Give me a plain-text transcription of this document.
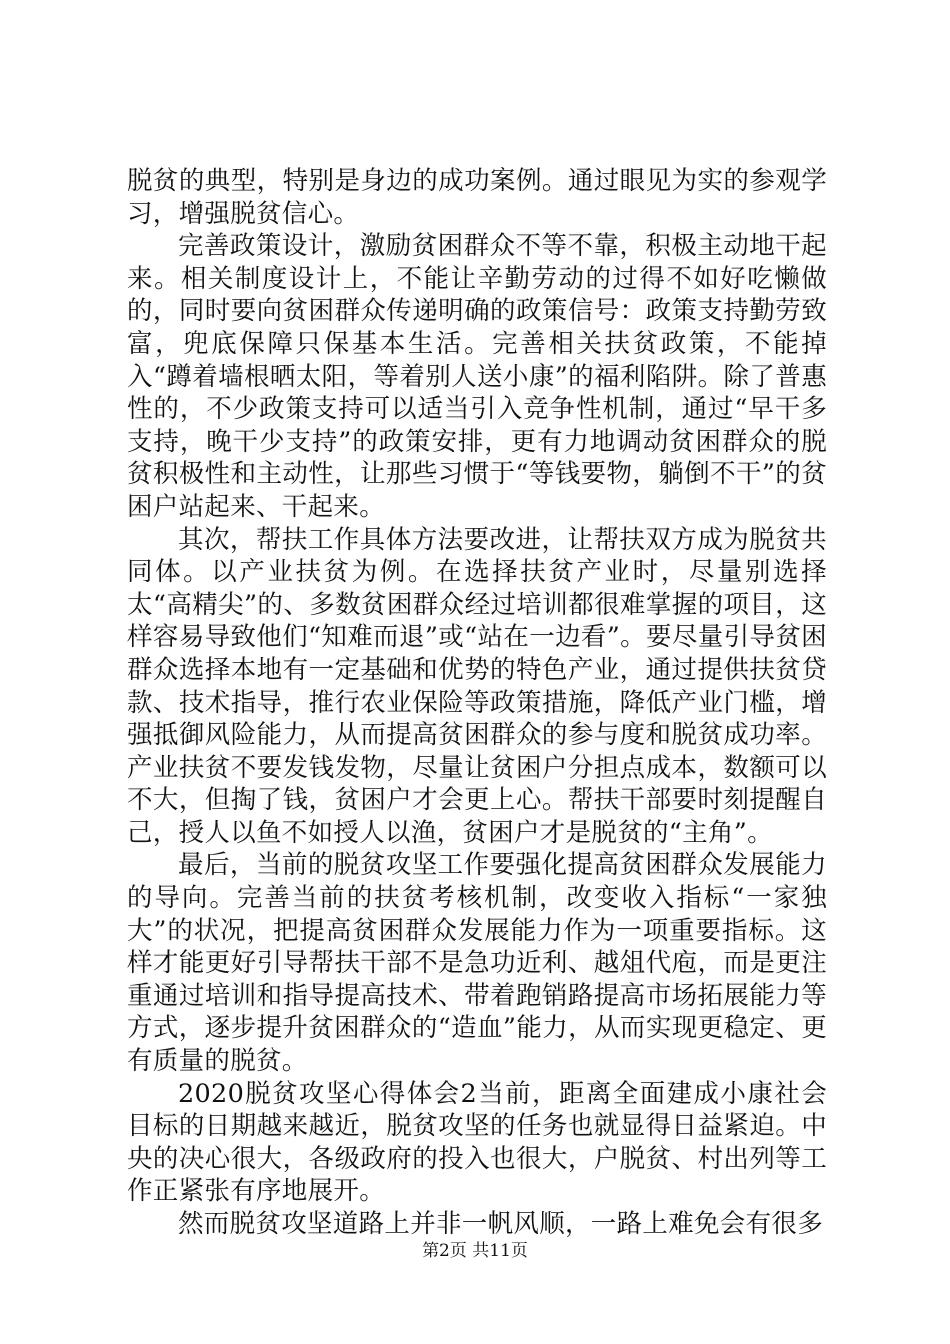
脱贫的典型，特别是身边的成功案例。通过眼见为实的参观学习，增强脱贫信心。

完善政策设计，激励贫困群众不等不靠，积极主动地干起来。相关制度设计上，不能让辛勤劳动的过得不如好吃懒做的，同时要向贫困群众传递明确的政策信号：政策支持勤劳致富，兜底保障只保基本生活。完善相关扶贫政策，不能掉入“蹲着墙根晒太阳，等着别人送小康”的福利陷阱。除了普惠性的，不少政策支持可以适当引入竞争性机制，通过“早干多支持，晚干少支持”的政策安排，更有力地调动贫困群众的脱贫积极性和主动性，让那些习惯于“等钱要物，躺倒不干”的贫困户站起来、干起来。

其次，帮扶工作具体方法要改进，让帮扶双方成为脱贫共同体。以产业扶贫为例。在选择扶贫产业时，尽量别选择太“高精尖”的、多数贫困群众经过培训都很难掌握的项目，这样容易导致他们“知难而退”或“站在一边看”。要尽量引导贫困群众选择本地有一定基础和优势的特色产业，通过提供扶贫贷款、技术指导，推行农业保险等政策措施，降低产业门槛，增强抵御风险能力，从而提高贫困群众的参与度和脱贫成功率。产业扶贫不要发钱发物，尽量让贫困户分担点成本，数额可以不大，但掏了钱，贫困户才会更上心。帮扶干部要时刻提醒自己，授人以鱼不如授人以渔，贫困户才是脱贫的“主角”。

最后，当前的脱贫攻坚工作要强化提高贫困群众发展能力的导向。完善当前的扶贫考核机制，改变收入指标“一家独大”的状况，把提高贫困群众发展能力作为一项重要指标。这样才能更好引导帮扶干部不是急功近利、越俎代庖，而是更注重通过培训和指导提高技术、带着跑销路提高市场拓展能力等方式，逐步提升贫困群众的“造血”能力，从而实现更稳定、更有质量的脱贫。

2020脱贫攻坚心得体会2当前，距离全面建成小康社会目标的日期越来越近，脱贫攻坚的任务也就显得日益紧迫。中央的决心很大，各级政府的投入也很大，户脱贫、村出列等工作正紧张有序地展开。

然而脱贫攻坚道路上并非一帆风顺，一路上难免会有很多

第2页 共11页
